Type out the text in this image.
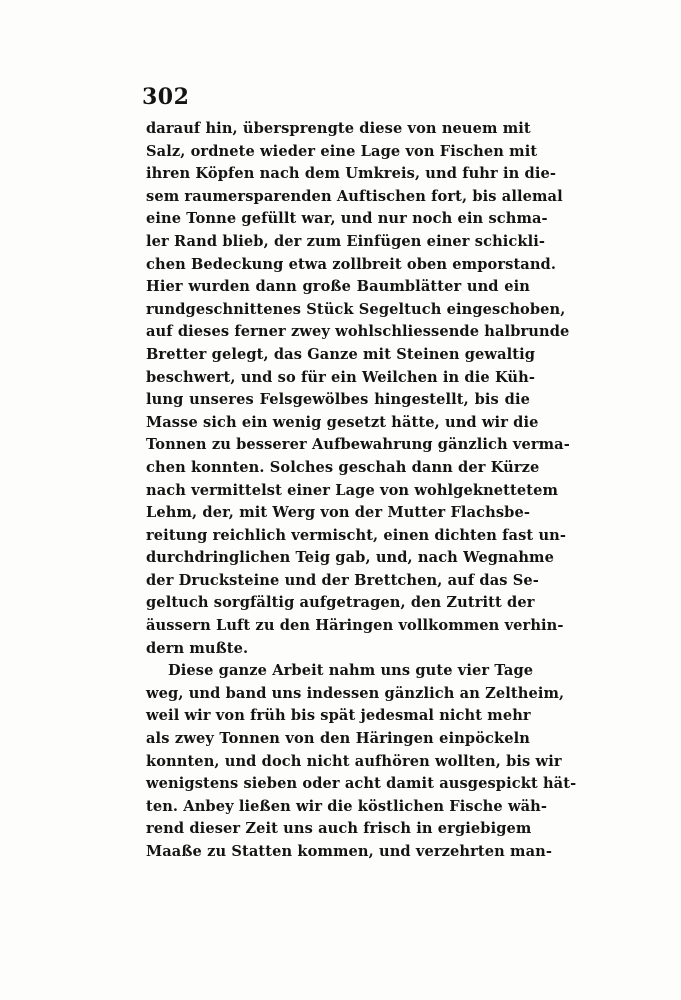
302
darauf hin, übersprengte diese von neuem mit
Salz, ordnete wieder eine Lage von Fischen mit
ihren Köpfen nach dem Umkreis, und fuhr in die-
sem raumersparenden Auftischen fort, bis allemal
eine Tonne gefüllt war, und nur noch ein schma-
ler Rand blieb, der zum Einfügen einer schickli-
chen Bedeckung etwa zollbreit oben emporstand.
Hier wurden dann große Baumblätter und ein
rundgeschnittenes Stück Segeltuch eingeschoben,
auf dieses ferner zwey wohlschliessende halbrunde
Bretter gelegt, das Ganze mit Steinen gewaltig
beschwert, und so für ein Weilchen in die Küh-
lung unseres Felsgewölbes hingestellt, bis die
Masse sich ein wenig gesetzt hätte, und wir die
Tonnen zu besserer Aufbewahrung gänzlich verma-
chen konnten. Solches geschah dann der Kürze
nach vermittelst einer Lage von wohlgeknettetem
Lehm, der, mit Werg von der Mutter Flachsbe-
reitung reichlich vermischt, einen dichten fast un-
durchdringlichen Teig gab, und, nach Wegnahme
der Drucksteine und der Brettchen, auf das Se-
geltuch sorgfältig aufgetragen, den Zutritt der
äussern Luft zu den Häringen vollkommen verhin-
dern mußte.
Diese ganze Arbeit nahm uns gute vier Tage
weg, und band uns indessen gänzlich an Zeltheim,
weil wir von früh bis spät jedesmal nicht mehr
als zwey Tonnen von den Häringen einpöckeln
konnten, und doch nicht aufhören wollten, bis wir
wenigstens sieben oder acht damit ausgespickt hät-
ten. Anbey ließen wir die köstlichen Fische wäh-
rend dieser Zeit uns auch frisch in ergiebigem
Maaße zu Statten kommen, und verzehrten man-
